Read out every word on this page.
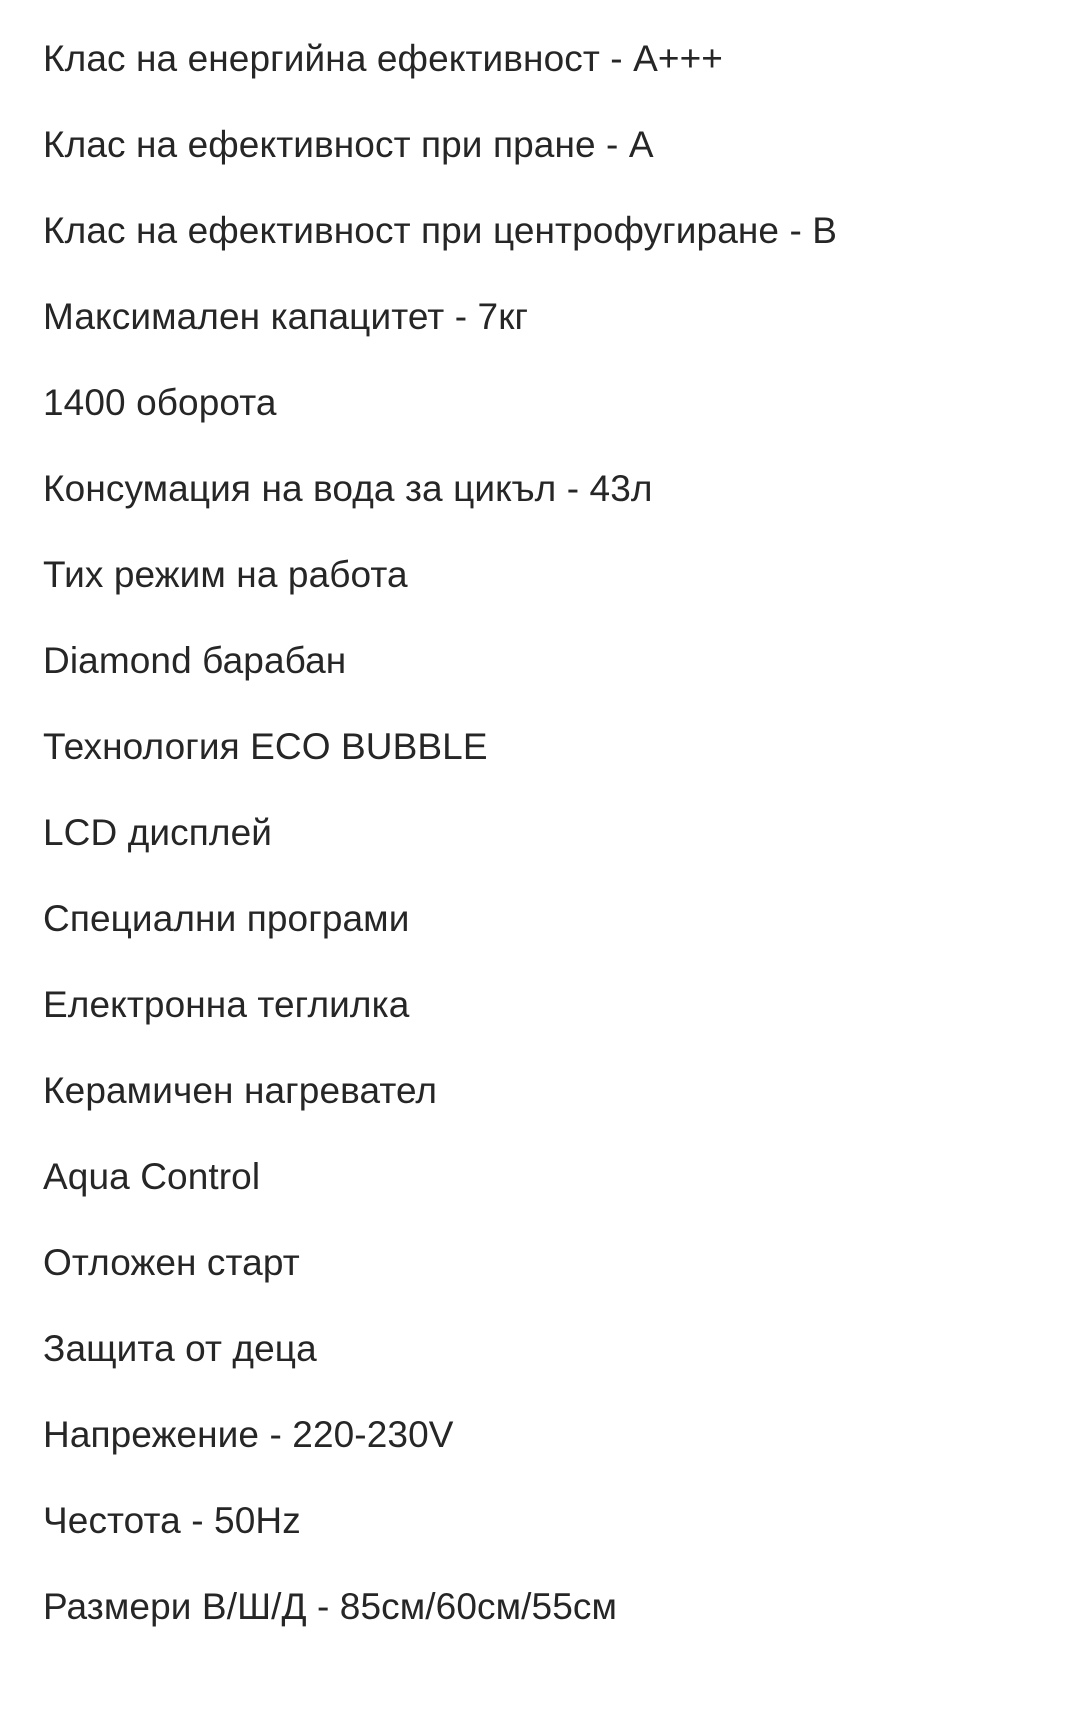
Клас на енергийна ефективност - А+++
Клас на ефективност при пране - А
Клас на ефективност при центрофугиране - В
Максимален капацитет - 7кг
1400 оборота
Консумация на вода за цикъл - 43л
Тих режим на работа
Diamond барабан
Технология ECO BUBBLE
LCD дисплей
Специални програми
Електронна теглилка
Керамичен нагревател
Aqua Control
Отложен старт
Защита от деца
Напрежение - 220-230V
Честота - 50Hz
Размери В/Ш/Д - 85см/60см/55см
